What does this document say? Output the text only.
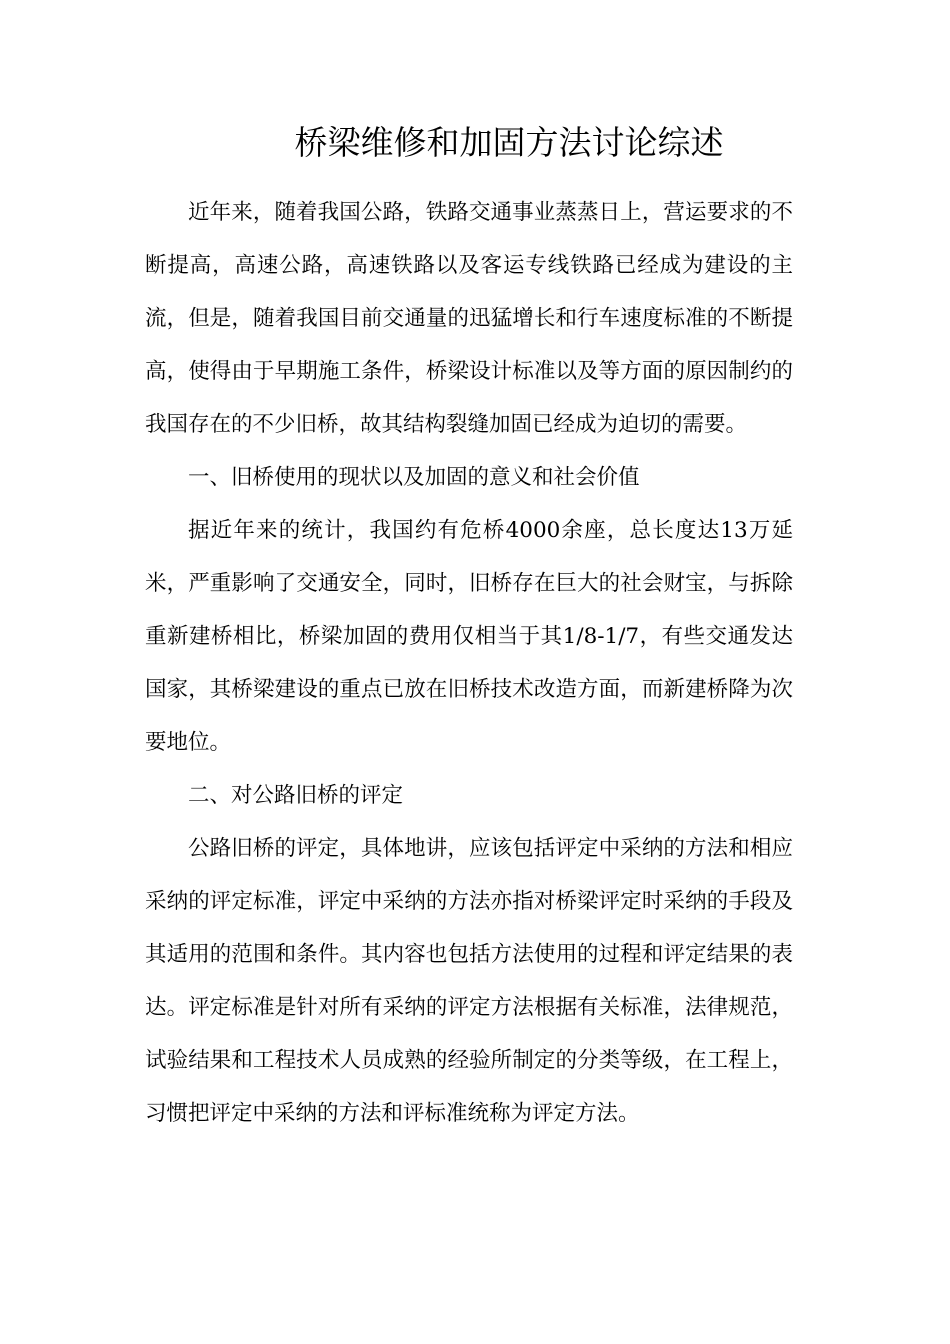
桥梁维修和加固方法讨论综述

近年来，随着我国公路，铁路交通事业蒸蒸日上，营运要求的不断提高，高速公路，高速铁路以及客运专线铁路已经成为建设的主流，但是，随着我国目前交通量的迅猛增长和行车速度标准的不断提高，使得由于早期施工条件，桥梁设计标准以及等方面的原因制约的我国存在的不少旧桥，故其结构裂缝加固已经成为迫切的需要。

一、旧桥使用的现状以及加固的意义和社会价值

据近年来的统计，我国约有危桥4000余座，总长度达13万延米，严重影响了交通安全，同时，旧桥存在巨大的社会财宝，与拆除重新建桥相比，桥梁加固的费用仅相当于其1/8-1/7，有些交通发达国家，其桥梁建设的重点已放在旧桥技术改造方面，而新建桥降为次要地位。

二、对公路旧桥的评定

公路旧桥的评定，具体地讲，应该包括评定中采纳的方法和相应采纳的评定标准，评定中采纳的方法亦指对桥梁评定时采纳的手段及其适用的范围和条件。其内容也包括方法使用的过程和评定结果的表达。评定标准是针对所有采纳的评定方法根据有关标准，法律规范，试验结果和工程技术人员成熟的经验所制定的分类等级，在工程上，习惯把评定中采纳的方法和评标准统称为评定方法。
